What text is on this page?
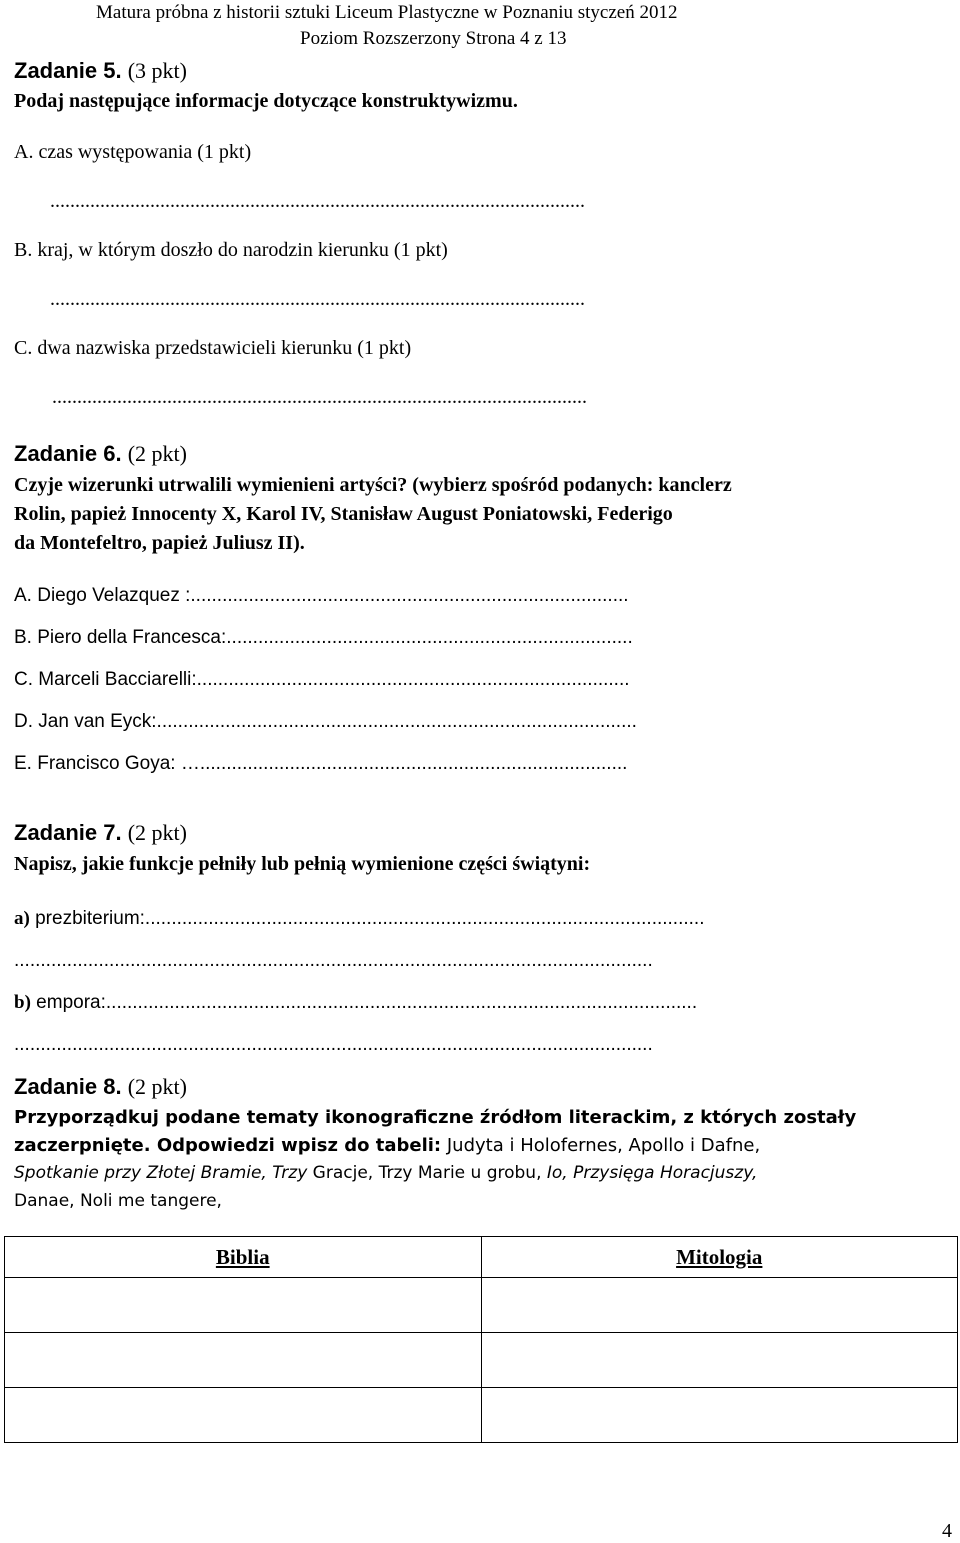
Matura próbna z historii sztuki Liceum Plastyczne w Poznaniu styczeń 2012
Poziom Rozszerzony Strona 4 z 13
Zadanie 5. (3 pkt)
Podaj następujące informacje dotyczące konstruktywizmu.
A. czas występowania (1 pkt)
...........................................................................................................
B. kraj, w którym doszło do narodzin kierunku (1 pkt)
...........................................................................................................
C. dwa nazwiska przedstawicieli kierunku (1 pkt)
...........................................................................................................
Zadanie 6. (2 pkt)
Czyje wizerunki utrwalili wymienieni artyści? (wybierz spośród podanych: kanclerz
Rolin, papież Innocenty X, Karol IV, Stanisław August Poniatowski, Federigo
da Montefeltro, papież Juliusz II).
A. Diego Velazquez :...................................................................................
B. Piero della Francesca:.............................................................................
C. Marceli Bacciarelli:..................................................................................
D. Jan van Eyck:...........................................................................................
E. Francisco Goya: ….................................................................................
Zadanie 7. (2 pkt)
Napisz, jakie funkcje pełniły lub pełnią wymienione części świątyni:
a) prezbiterium:..........................................................................................................
.........................................................................................................................
b) empora:................................................................................................................
.........................................................................................................................
Zadanie 8. (2 pkt)
Przyporządkuj podane tematy ikonograficzne źródłom literackim, z których zostały
zaczerpnięte. Odpowiedzi wpisz do tabeli: Judyta i Holofernes, Apollo i Dafne,
Spotkanie przy Złotej Bramie, Trzy Gracje, Trzy Marie u grobu, Io, Przysięga Horacjuszy,
Danae, Noli me tangere,
Biblia	Mitologia

4
